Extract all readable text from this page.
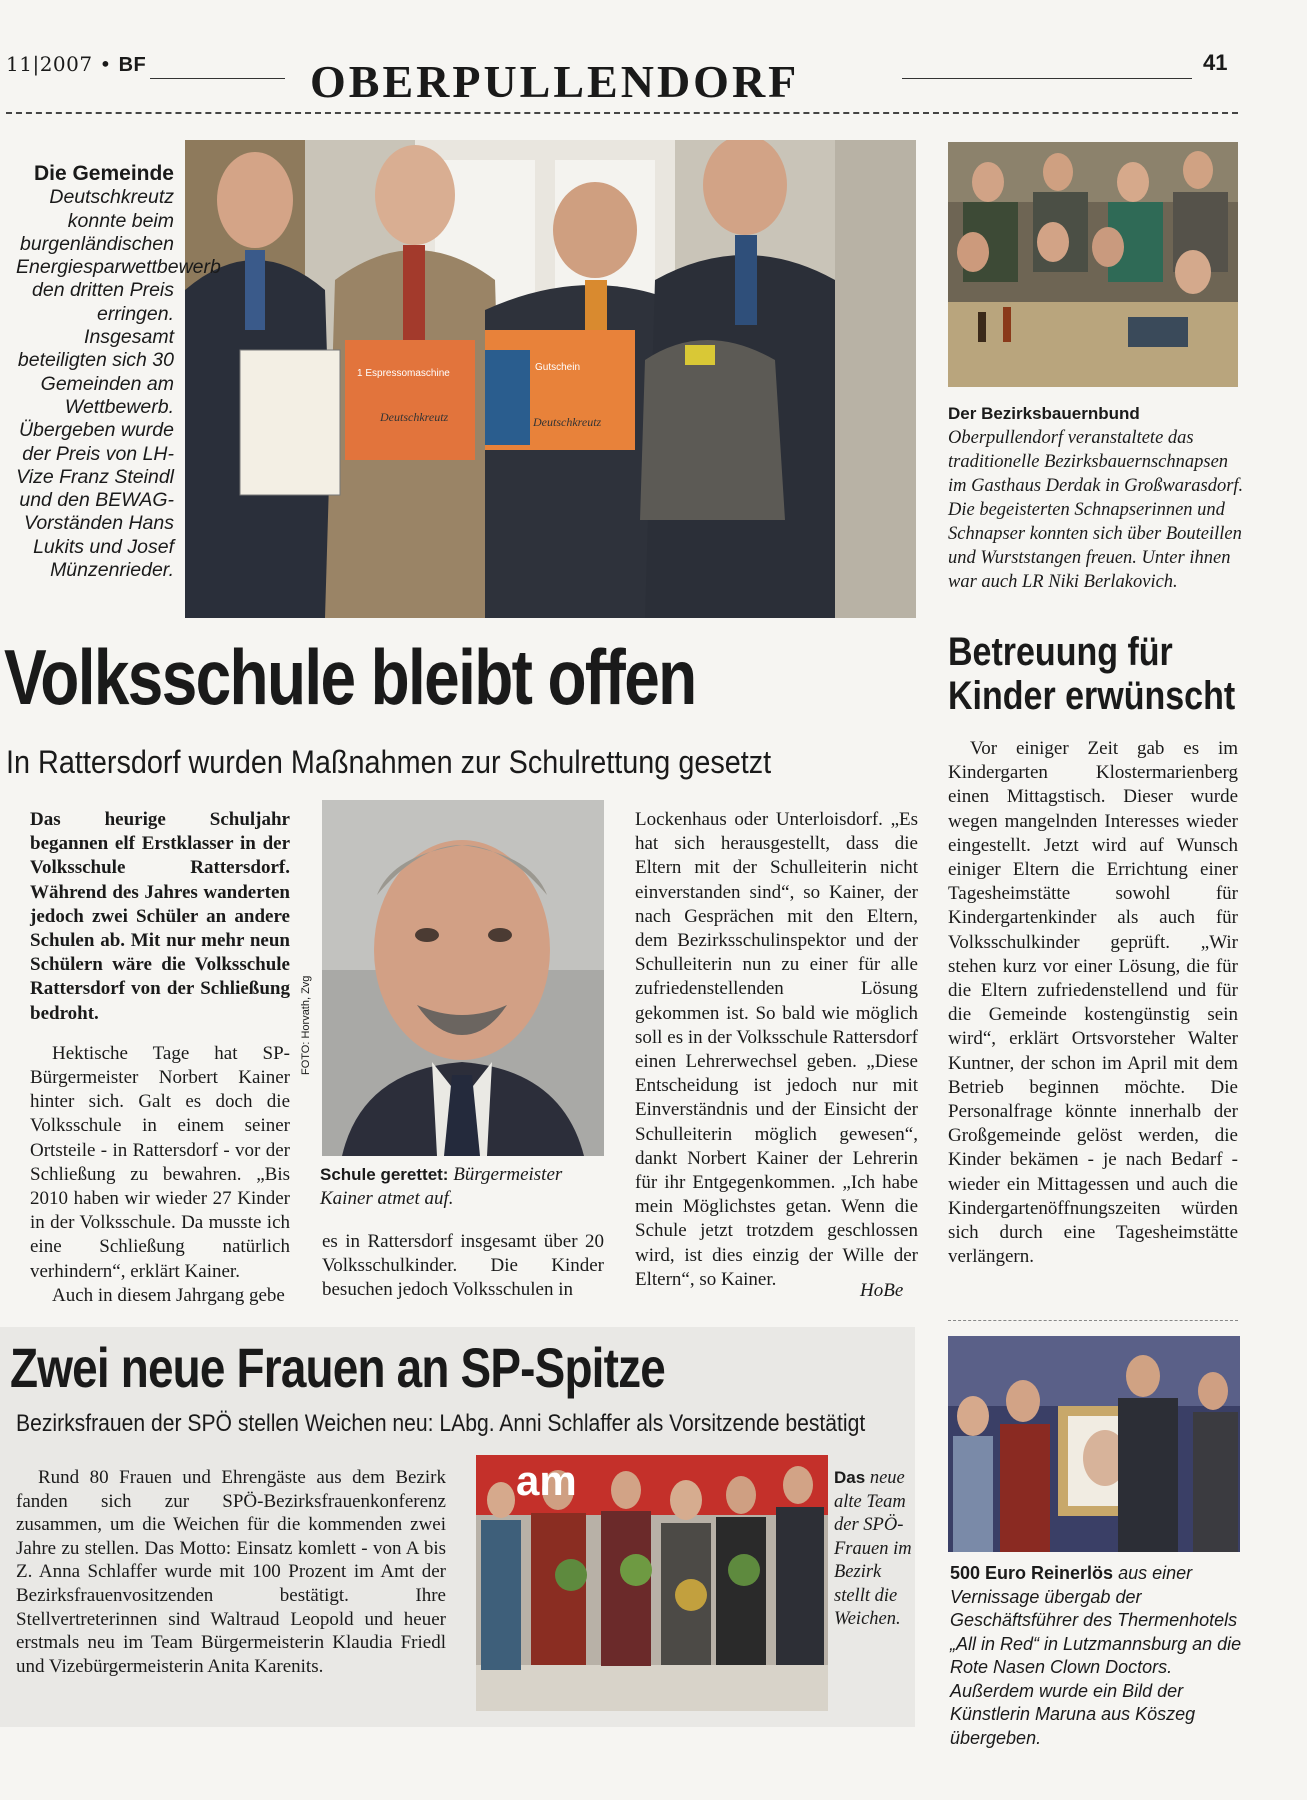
11|2007 • BF	OBERPULLENDORF	41
1 Espressomaschine
Deutschkreutz
Gutschein
Deutschkreutz
Die Gemeinde
Deutschkreutz konnte beim burgenländischen Energiesparwettbewerb den dritten Preis erringen. Insgesamt beteiligten sich 30 Gemeinden am Wettbewerb. Übergeben wurde der Preis von LH-Vize Franz Steindl und den BEWAG-Vorständen Hans Lukits und Josef Münzenrieder.
Der Bezirksbauernbund Oberpullendorf veranstaltete das traditionelle Bezirksbauernschnapsen im Gasthaus Derdak in Großwarasdorf. Die begeisterten Schnapserinnen und Schnapser konnten sich über Bouteillen und Wurststangen freuen. Unter ihnen war auch LR Niki Berlakovich.
Volksschule bleibt offen
In Rattersdorf wurden Maßnahmen zur Schulrettung gesetzt

Das heurige Schuljahr begannen elf Erstklasser in der Volksschule Rattersdorf. Während des Jahres wanderten jedoch zwei Schüler an andere Schulen ab. Mit nur mehr neun Schülern wäre die Volksschule Rattersdorf von der Schließung bedroht.

Hektische Tage hat SP-Bürgermeister Norbert Kainer hinter sich. Galt es doch die Volksschule in einem seiner Ortsteile - in Rattersdorf - vor der Schließung zu bewahren. „Bis 2010 haben wir wieder 27 Kinder in der Volksschule. Da musste ich eine Schließung natürlich verhindern“, erklärt Kainer.

Auch in diesem Jahrgang gebe

FOTO: Horvath, Zvg
Schule gerettet: Bürgermeister Kainer atmet auf.

es in Rattersdorf insgesamt über 20 Volksschulkinder. Die Kinder besuchen jedoch Volksschulen in

Lockenhaus oder Unterloisdorf. „Es hat sich herausgestellt, dass die Eltern mit der Schulleiterin nicht einverstanden sind“, so Kainer, der nach Gesprächen mit den Eltern, dem Bezirksschulinspektor und der Schulleiterin nun zu einer für alle zufriedenstellenden Lösung gekommen ist. So bald wie möglich soll es in der Volksschule Rattersdorf einen Lehrerwechsel geben. „Diese Entscheidung ist jedoch nur mit Einverständnis und der Einsicht der Schulleiterin möglich gewesen“, dankt Norbert Kainer der Lehrerin für ihr Entgegenkommen. „Ich habe mein Möglichstes getan. Wenn die Schule jetzt trotzdem geschlossen wird, ist dies einzig der Wille der Eltern“, so Kainer.

HoBe
Betreuung für
Kinder erwünscht

Vor einiger Zeit gab es im Kindergarten Klostermarienberg einen Mittagstisch. Dieser wurde wegen mangelnden Interesses wieder eingestellt. Jetzt wird auf Wunsch einiger Eltern die Errichtung einer Tagesheimstätte sowohl für Kindergartenkinder als auch für Volksschulkinder geprüft. „Wir stehen kurz vor einer Lösung, die für die Eltern zufriedenstellend und für die Gemeinde kostengünstig sein wird“, erklärt Ortsvorsteher Walter Kuntner, der schon im April mit dem Betrieb beginnen möchte. Die Personalfrage könnte innerhalb der Großgemeinde gelöst werden, die Kinder bekämen - je nach Bedarf - wieder ein Mittagessen und auch die Kindergartenöffnungszeiten würden sich durch eine Tagesheimstätte verlängern.

Zwei neue Frauen an SP-Spitze
Bezirksfrauen der SPÖ stellen Weichen neu: LAbg. Anni Schlaffer als Vorsitzende bestätigt

Rund 80 Frauen und Ehrengäste aus dem Bezirk fanden sich zur SPÖ-Bezirksfrauenkonferenz zusammen, um die Weichen für die kommenden zwei Jahre zu stellen. Das Motto: Einsatz komlett - von A bis Z. Anna Schlaffer wurde mit 100 Prozent im Amt der Bezirksfrauenvositzenden bestätigt. Ihre Stellvertreterinnen sind Waltraud Leopold und heuer erstmals neu im Team Bürgermeisterin Klaudia Friedl und Vizebürgermeisterin Anita Karenits.

am	Das neue alte Team der SPÖ-Frauen im Bezirk stellt die Weichen.
500 Euro Reinerlös aus einer Vernissage übergab der Geschäftsführer des Thermenhotels „All in Red“ in Lutzmannsburg an die Rote Nasen Clown Doctors. Außerdem wurde ein Bild der Künstlerin Maruna aus Köszeg übergeben.
